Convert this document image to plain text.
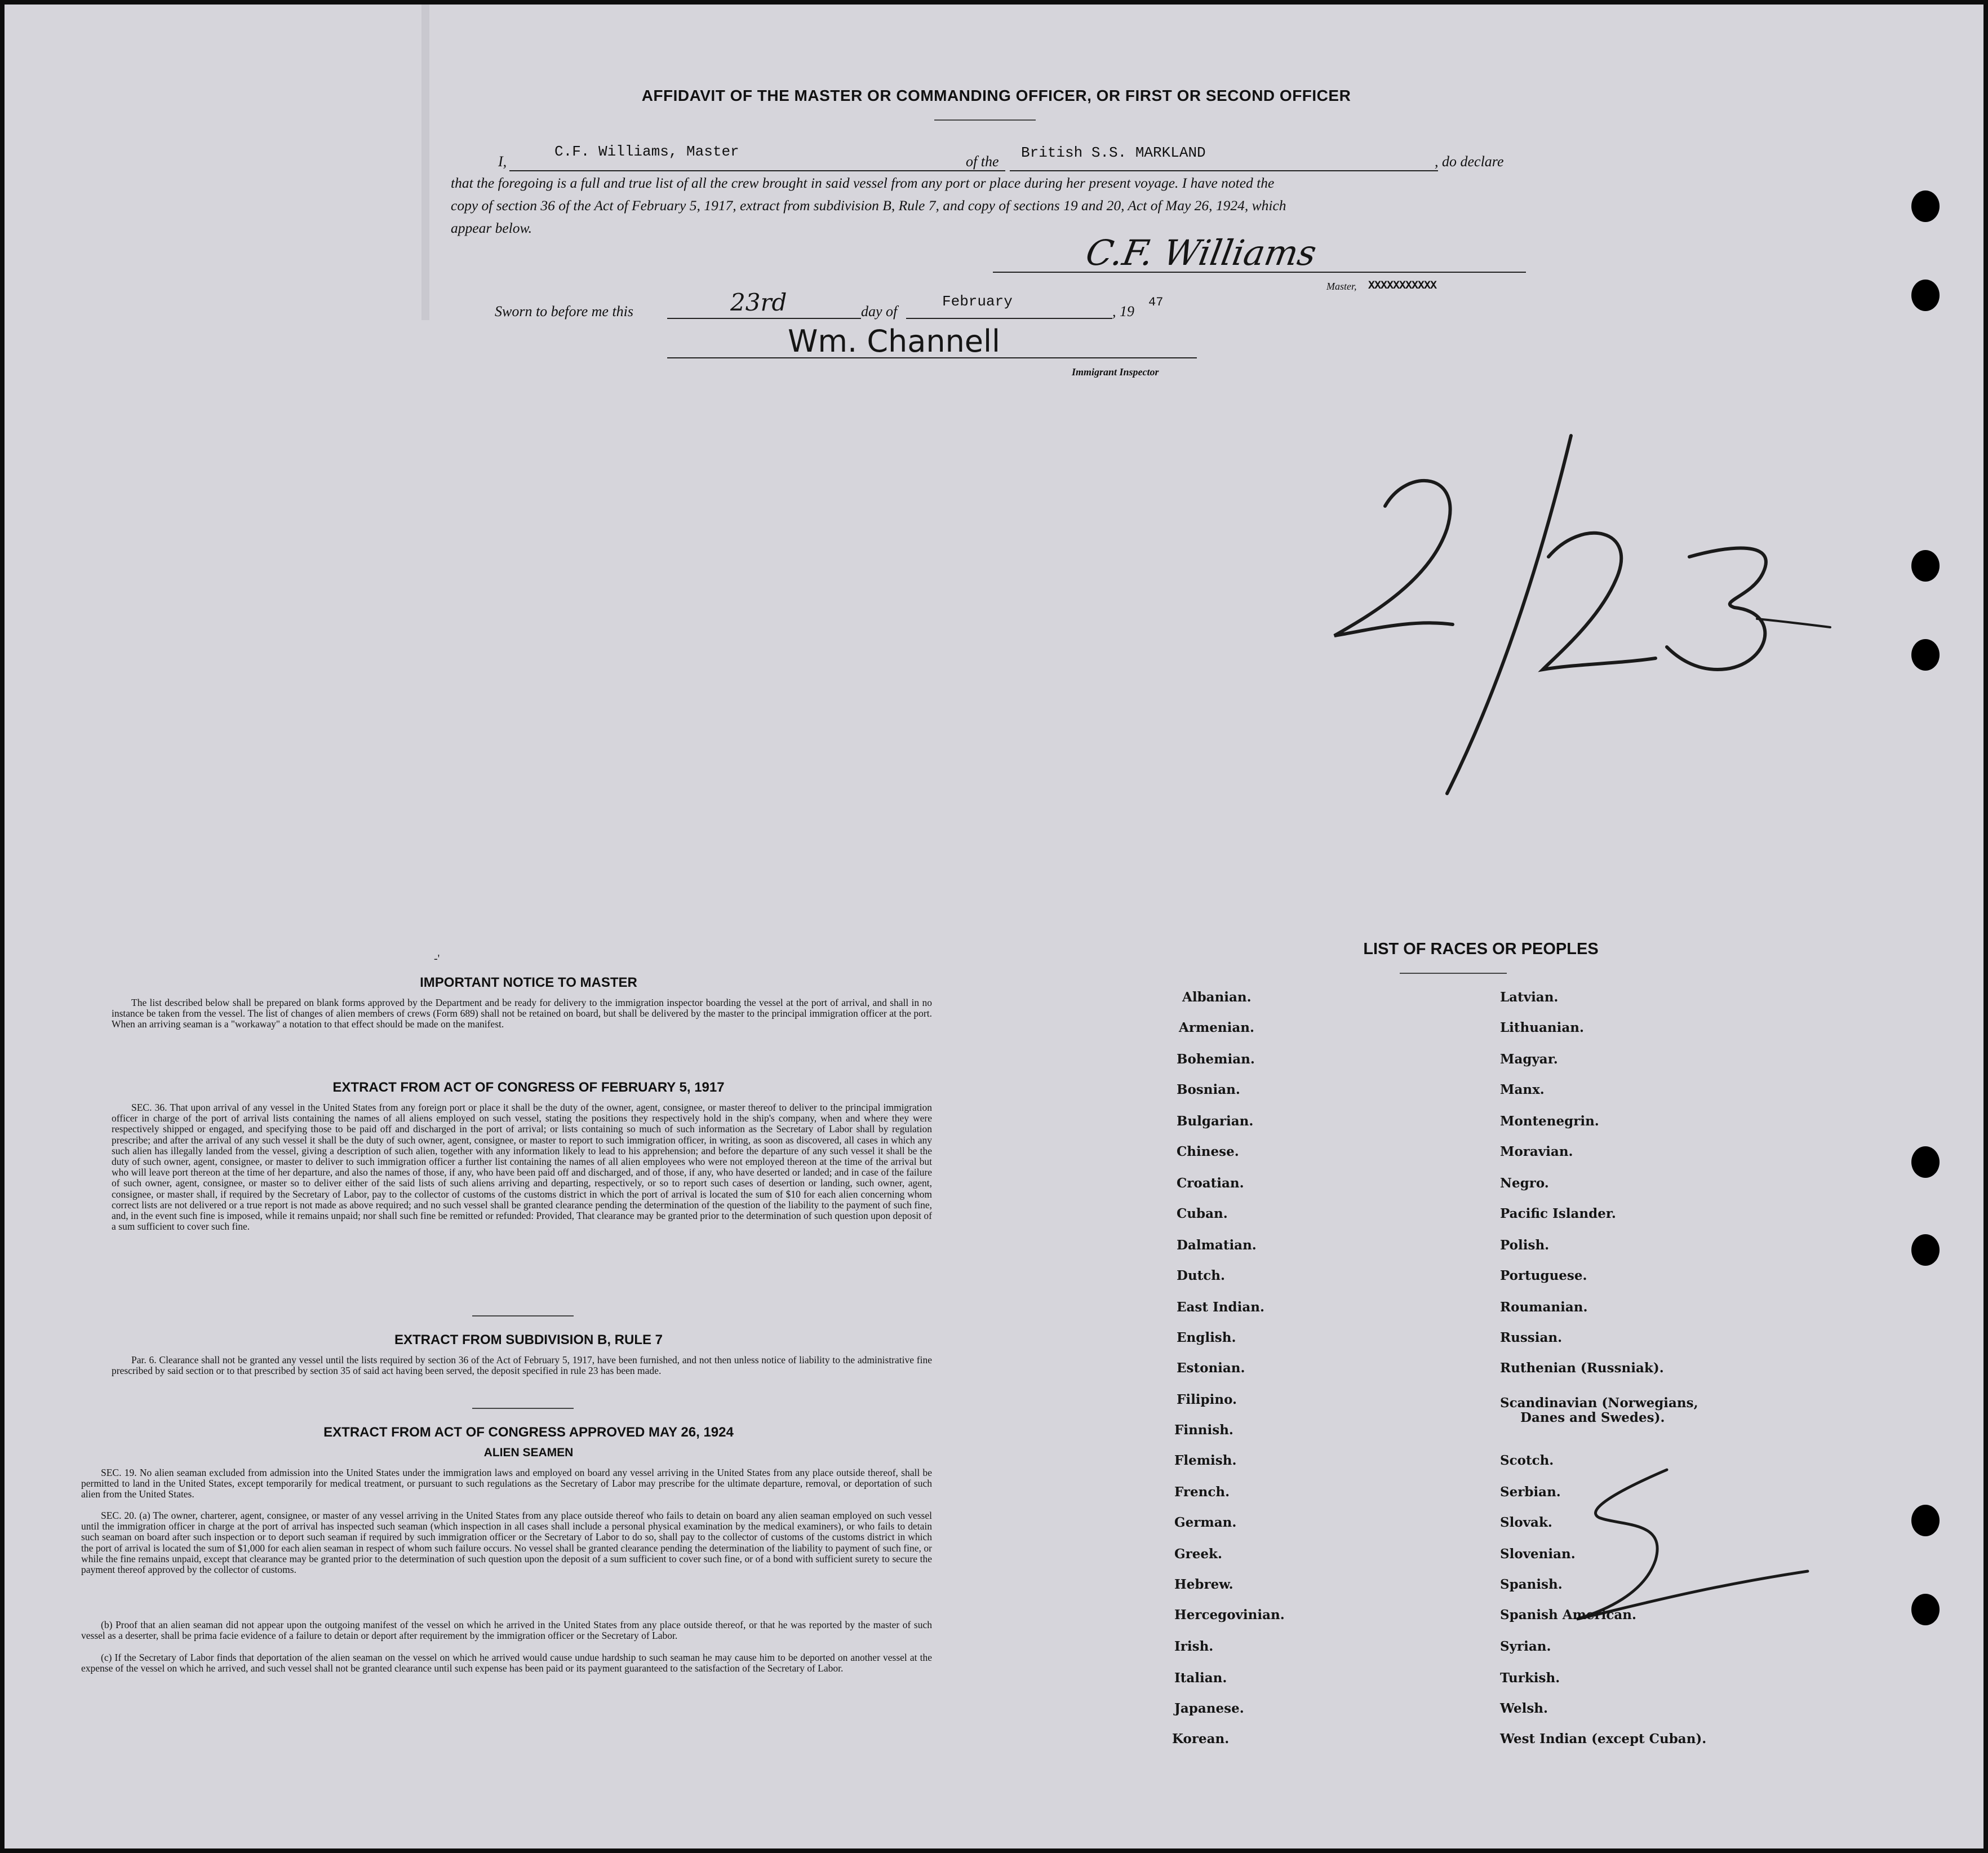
AFFIDAVIT OF THE MASTER OR COMMANDING OFFICER, OR FIRST OR SECOND OFFICER
I,
C.F. Williams, Master
of the
British S.S. MARKLAND
, do declare
that the foregoing is a full and true list of all the crew brought in said vessel from any port or place during her present voyage. I have noted the
copy of section 36 of the Act of February 5, 1917, extract from subdivision B, Rule 7, and copy of sections 19 and 20, Act of May 26, 1924, which
appear below.
C.F. Williams
Master, XXXXXXXXXXX
Sworn to before me this	23rd	day of
February
, 19
47
Wm. Channell
Immigrant Inspector
2/23
-'
IMPORTANT NOTICE TO MASTER
The list described below shall be prepared on blank forms approved by the Department and be ready for delivery to the immigration inspector boarding the vessel at the port of arrival, and shall in no instance be taken from the vessel. The list of changes of alien members of crews (Form 689) shall not be retained on board, but shall be delivered by the master to the principal immigration officer at the port. When an arriving seaman is a "workaway" a notation to that effect should be made on the manifest.
EXTRACT FROM ACT OF CONGRESS OF FEBRUARY 5, 1917
SEC. 36. That upon arrival of any vessel in the United States from any foreign port or place it shall be the duty of the owner, agent, consignee, or master thereof to deliver to the principal immigration officer in charge of the port of arrival lists containing the names of all aliens employed on such vessel, stating the positions they respectively hold in the ship's company, when and where they were respectively shipped or engaged, and specifying those to be paid off and discharged in the port of arrival; or lists containing so much of such information as the Secretary of Labor shall by regulation prescribe; and after the arrival of any such vessel it shall be the duty of such owner, agent, consignee, or master to report to such immigration officer, in writing, as soon as discovered, all cases in which any such alien has illegally landed from the vessel, giving a description of such alien, together with any information likely to lead to his apprehension; and before the departure of any such vessel it shall be the duty of such owner, agent, consignee, or master to deliver to such immigration officer a further list containing the names of all alien employees who were not employed thereon at the time of the arrival but who will leave port thereon at the time of her departure, and also the names of those, if any, who have been paid off and discharged, and of those, if any, who have deserted or landed; and in case of the failure of such owner, agent, consignee, or master so to deliver either of the said lists of such aliens arriving and departing, respectively, or so to report such cases of desertion or landing, such owner, agent, consignee, or master shall, if required by the Secretary of Labor, pay to the collector of customs of the customs district in which the port of arrival is located the sum of $10 for each alien concerning whom correct lists are not delivered or a true report is not made as above required; and no such vessel shall be granted clearance pending the determination of the question of the liability to the payment of such fine, and, in the event such fine is imposed, while it remains unpaid; nor shall such fine be remitted or refunded: Provided, That clearance may be granted prior to the determination of such question upon deposit of a sum sufficient to cover such fine.
EXTRACT FROM SUBDIVISION B, RULE 7
Par. 6. Clearance shall not be granted any vessel until the lists required by section 36 of the Act of February 5, 1917, have been furnished, and not then unless notice of liability to the administrative fine prescribed by said section or to that prescribed by section 35 of said act having been served, the deposit specified in rule 23 has been made.
EXTRACT FROM ACT OF CONGRESS APPROVED MAY 26, 1924
ALIEN SEAMEN
SEC. 19. No alien seaman excluded from admission into the United States under the immigration laws and employed on board any vessel arriving in the United States from any place outside thereof, shall be permitted to land in the United States, except temporarily for medical treatment, or pursuant to such regulations as the Secretary of Labor may prescribe for the ultimate departure, removal, or deportation of such alien from the United States.
SEC. 20. (a) The owner, charterer, agent, consignee, or master of any vessel arriving in the United States from any place outside thereof who fails to detain on board any alien seaman employed on such vessel until the immigration officer in charge at the port of arrival has inspected such seaman (which inspection in all cases shall include a personal physical examination by the medical examiners), or who fails to detain such seaman on board after such inspection or to deport such seaman if required by such immigration officer or the Secretary of Labor to do so, shall pay to the collector of customs of the customs district in which the port of arrival is located the sum of $1,000 for each alien seaman in respect of whom such failure occurs. No vessel shall be granted clearance pending the determination of the liability to payment of such fine, or while the fine remains unpaid, except that clearance may be granted prior to the determination of such question upon the deposit of a sum sufficient to cover such fine, or of a bond with sufficient surety to secure the payment thereof approved by the collector of customs.
(b) Proof that an alien seaman did not appear upon the outgoing manifest of the vessel on which he arrived in the United States from any place outside thereof, or that he was reported by the master of such vessel as a deserter, shall be prima facie evidence of a failure to detain or deport after requirement by the immigration officer or the Secretary of Labor.
(c) If the Secretary of Labor finds that deportation of the alien seaman on the vessel on which he arrived would cause undue hardship to such seaman he may cause him to be deported on another vessel at the expense of the vessel on which he arrived, and such vessel shall not be granted clearance until such expense has been paid or its payment guaranteed to the satisfaction of the Secretary of Labor.
LIST OF RACES OR PEOPLES
Danes and Swedes).
2
Albanian.
Armenian.
Bohemian.
Bosnian.
Bulgarian.
Chinese.
Croatian.
Cuban.
Dalmatian.
Dutch.
East Indian.
English.
Estonian.
Filipino.
Finnish.
Flemish.
French.
German.
Greek.
Hebrew.
Hercegovinian.
Irish.
Italian.
Japanese.
Korean.
Latvian.
Lithuanian.
Magyar.
Manx.
Montenegrin.
Moravian.
Negro.
Pacific Islander.
Polish.
Portuguese.
Roumanian.
Russian.
Ruthenian (Russniak).
Scandinavian (Norwegians,
Scotch.
Serbian.
Slovak.
Slovenian.
Spanish.
Spanish American.
Syrian.
Turkish.
Welsh.
West Indian (except Cuban).
